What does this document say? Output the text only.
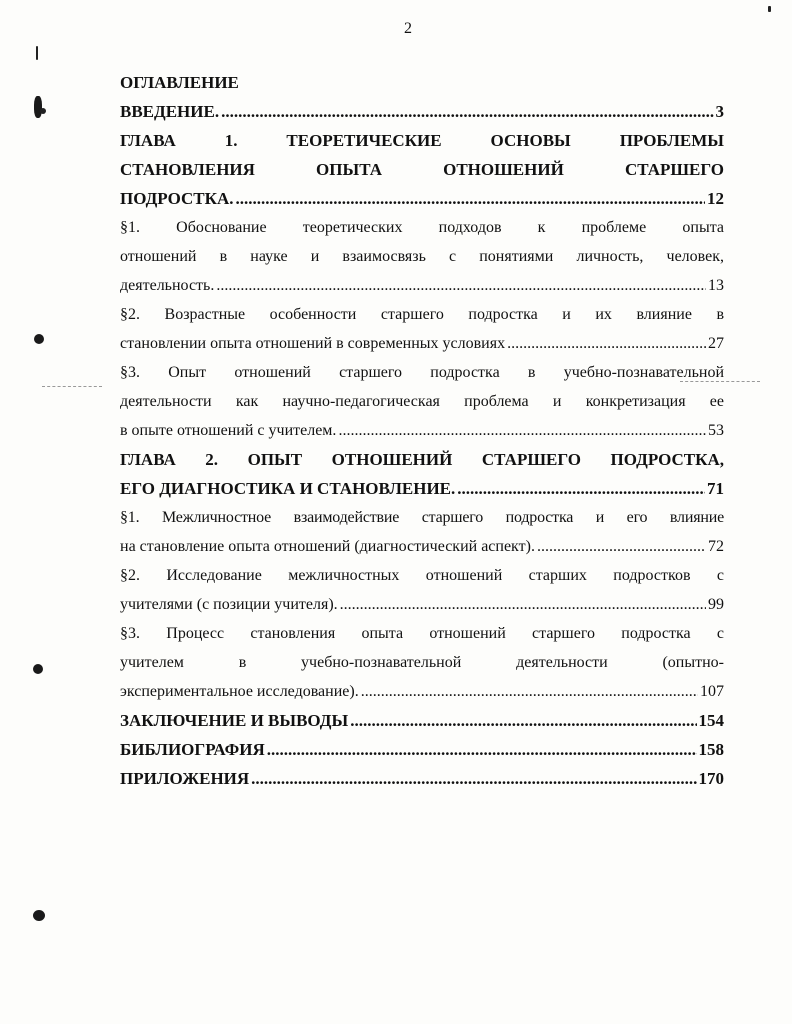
2
ОГЛАВЛЕНИЕ
ВВЕДЕНИЕ. .....	3
ГЛАВА 1. ТЕОРЕТИЧЕСКИЕ ОСНОВЫ ПРОБЛЕМЫ
СТАНОВЛЕНИЯ ОПЫТА ОТНОШЕНИЙ СТАРШЕГО
ПОДРОСТКА. .....	12
§1. Обоснование теоретических подходов к проблеме опыта
отношений в науке и взаимосвязь с понятиями личность, человек,
деятельность. .....	13
§2. Возрастные особенности старшего подростка и их влияние в
становлении опыта отношений в современных условиях .....	27
§3. Опыт отношений старшего подростка в учебно-познавательной
деятельности как научно-педагогическая проблема и конкретизация ее
в опыте отношений с учителем. .....	53
ГЛАВА 2. ОПЫТ ОТНОШЕНИЙ СТАРШЕГО ПОДРОСТКА,
ЕГО ДИАГНОСТИКА И СТАНОВЛЕНИЕ. .....	71
§1. Межличностное взаимодействие старшего подростка и его влияние
на становление опыта отношений (диагностический аспект). .....	72
§2. Исследование межличностных отношений старших подростков с
учителями (с позиции учителя). .....	99
§3. Процесс становления опыта отношений старшего подростка с
учителем в учебно-познавательной деятельности (опытно-
экспериментальное исследование). .....	107
ЗАКЛЮЧЕНИЕ И ВЫВОДЫ .....	154
БИБЛИОГРАФИЯ .....	158
ПРИЛОЖЕНИЯ .....	170
